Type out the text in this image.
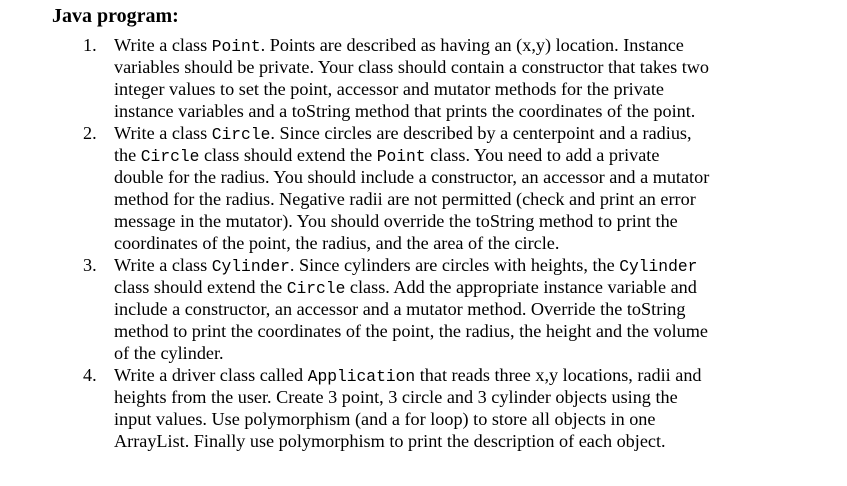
Java program:
1. Write a class Point. Points are described as having an (x,y) location. Instance
variables should be private. Your class should contain a constructor that takes two
integer values to set the point, accessor and mutator methods for the private
instance variables and a toString method that prints the coordinates of the point.
2. Write a class Circle. Since circles are described by a centerpoint and a radius,
the Circle class should extend the Point class. You need to add a private
double for the radius. You should include a constructor, an accessor and a mutator
method for the radius. Negative radii are not permitted (check and print an error
message in the mutator). You should override the toString method to print the
coordinates of the point, the radius, and the area of the circle.
3. Write a class Cylinder. Since cylinders are circles with heights, the Cylinder
class should extend the Circle class. Add the appropriate instance variable and
include a constructor, an accessor and a mutator method. Override the toString
method to print the coordinates of the point, the radius, the height and the volume
of the cylinder.
4. Write a driver class called Application that reads three x,y locations, radii and
heights from the user. Create 3 point, 3 circle and 3 cylinder objects using the
input values. Use polymorphism (and a for loop) to store all objects in one
ArrayList. Finally use polymorphism to print the description of each object.
